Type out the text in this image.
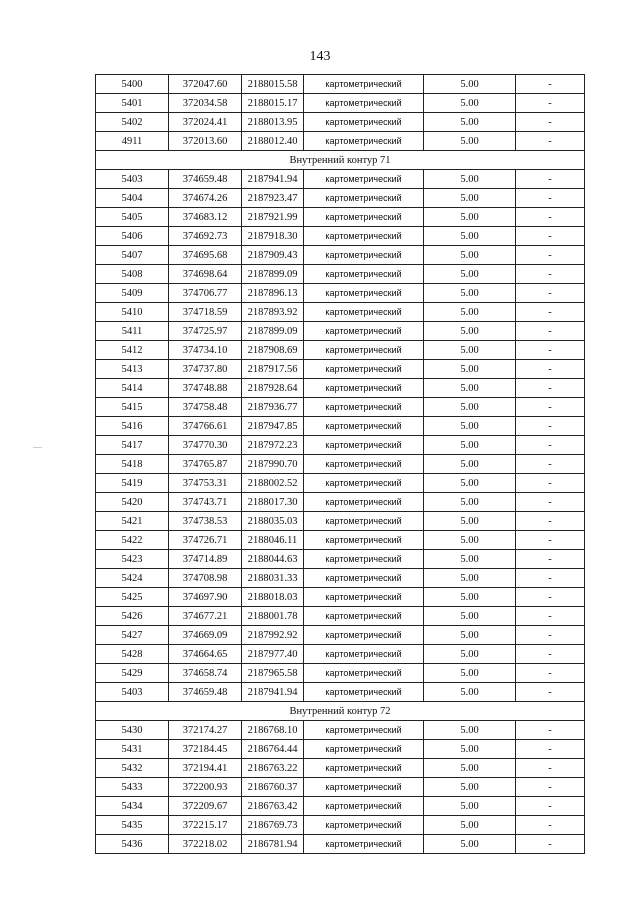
143
—
5400	372047.60	2188015.58	картометрический	5.00	-
5401	372034.58	2188015.17	картометрический	5.00	-
5402	372024.41	2188013.95	картометрический	5.00	-
4911	372013.60	2188012.40	картометрический	5.00	-
Внутренний контур 71					
5403	374659.48	2187941.94	картометрический	5.00	-
5404	374674.26	2187923.47	картометрический	5.00	-
5405	374683.12	2187921.99	картометрический	5.00	-
5406	374692.73	2187918.30	картометрический	5.00	-
5407	374695.68	2187909.43	картометрический	5.00	-
5408	374698.64	2187899.09	картометрический	5.00	-
5409	374706.77	2187896.13	картометрический	5.00	-
5410	374718.59	2187893.92	картометрический	5.00	-
5411	374725.97	2187899.09	картометрический	5.00	-
5412	374734.10	2187908.69	картометрический	5.00	-
5413	374737.80	2187917.56	картометрический	5.00	-
5414	374748.88	2187928.64	картометрический	5.00	-
5415	374758.48	2187936.77	картометрический	5.00	-
5416	374766.61	2187947.85	картометрический	5.00	-
5417	374770.30	2187972.23	картометрический	5.00	-
5418	374765.87	2187990.70	картометрический	5.00	-
5419	374753.31	2188002.52	картометрический	5.00	-
5420	374743.71	2188017.30	картометрический	5.00	-
5421	374738.53	2188035.03	картометрический	5.00	-
5422	374726.71	2188046.11	картометрический	5.00	-
5423	374714.89	2188044.63	картометрический	5.00	-
5424	374708.98	2188031.33	картометрический	5.00	-
5425	374697.90	2188018.03	картометрический	5.00	-
5426	374677.21	2188001.78	картометрический	5.00	-
5427	374669.09	2187992.92	картометрический	5.00	-
5428	374664.65	2187977.40	картометрический	5.00	-
5429	374658.74	2187965.58	картометрический	5.00	-
5403	374659.48	2187941.94	картометрический	5.00	-
Внутренний контур 72					
5430	372174.27	2186768.10	картометрический	5.00	-
5431	372184.45	2186764.44	картометрический	5.00	-
5432	372194.41	2186763.22	картометрический	5.00	-
5433	372200.93	2186760.37	картометрический	5.00	-
5434	372209.67	2186763.42	картометрический	5.00	-
5435	372215.17	2186769.73	картометрический	5.00	-
5436	372218.02	2186781.94	картометрический	5.00	-
